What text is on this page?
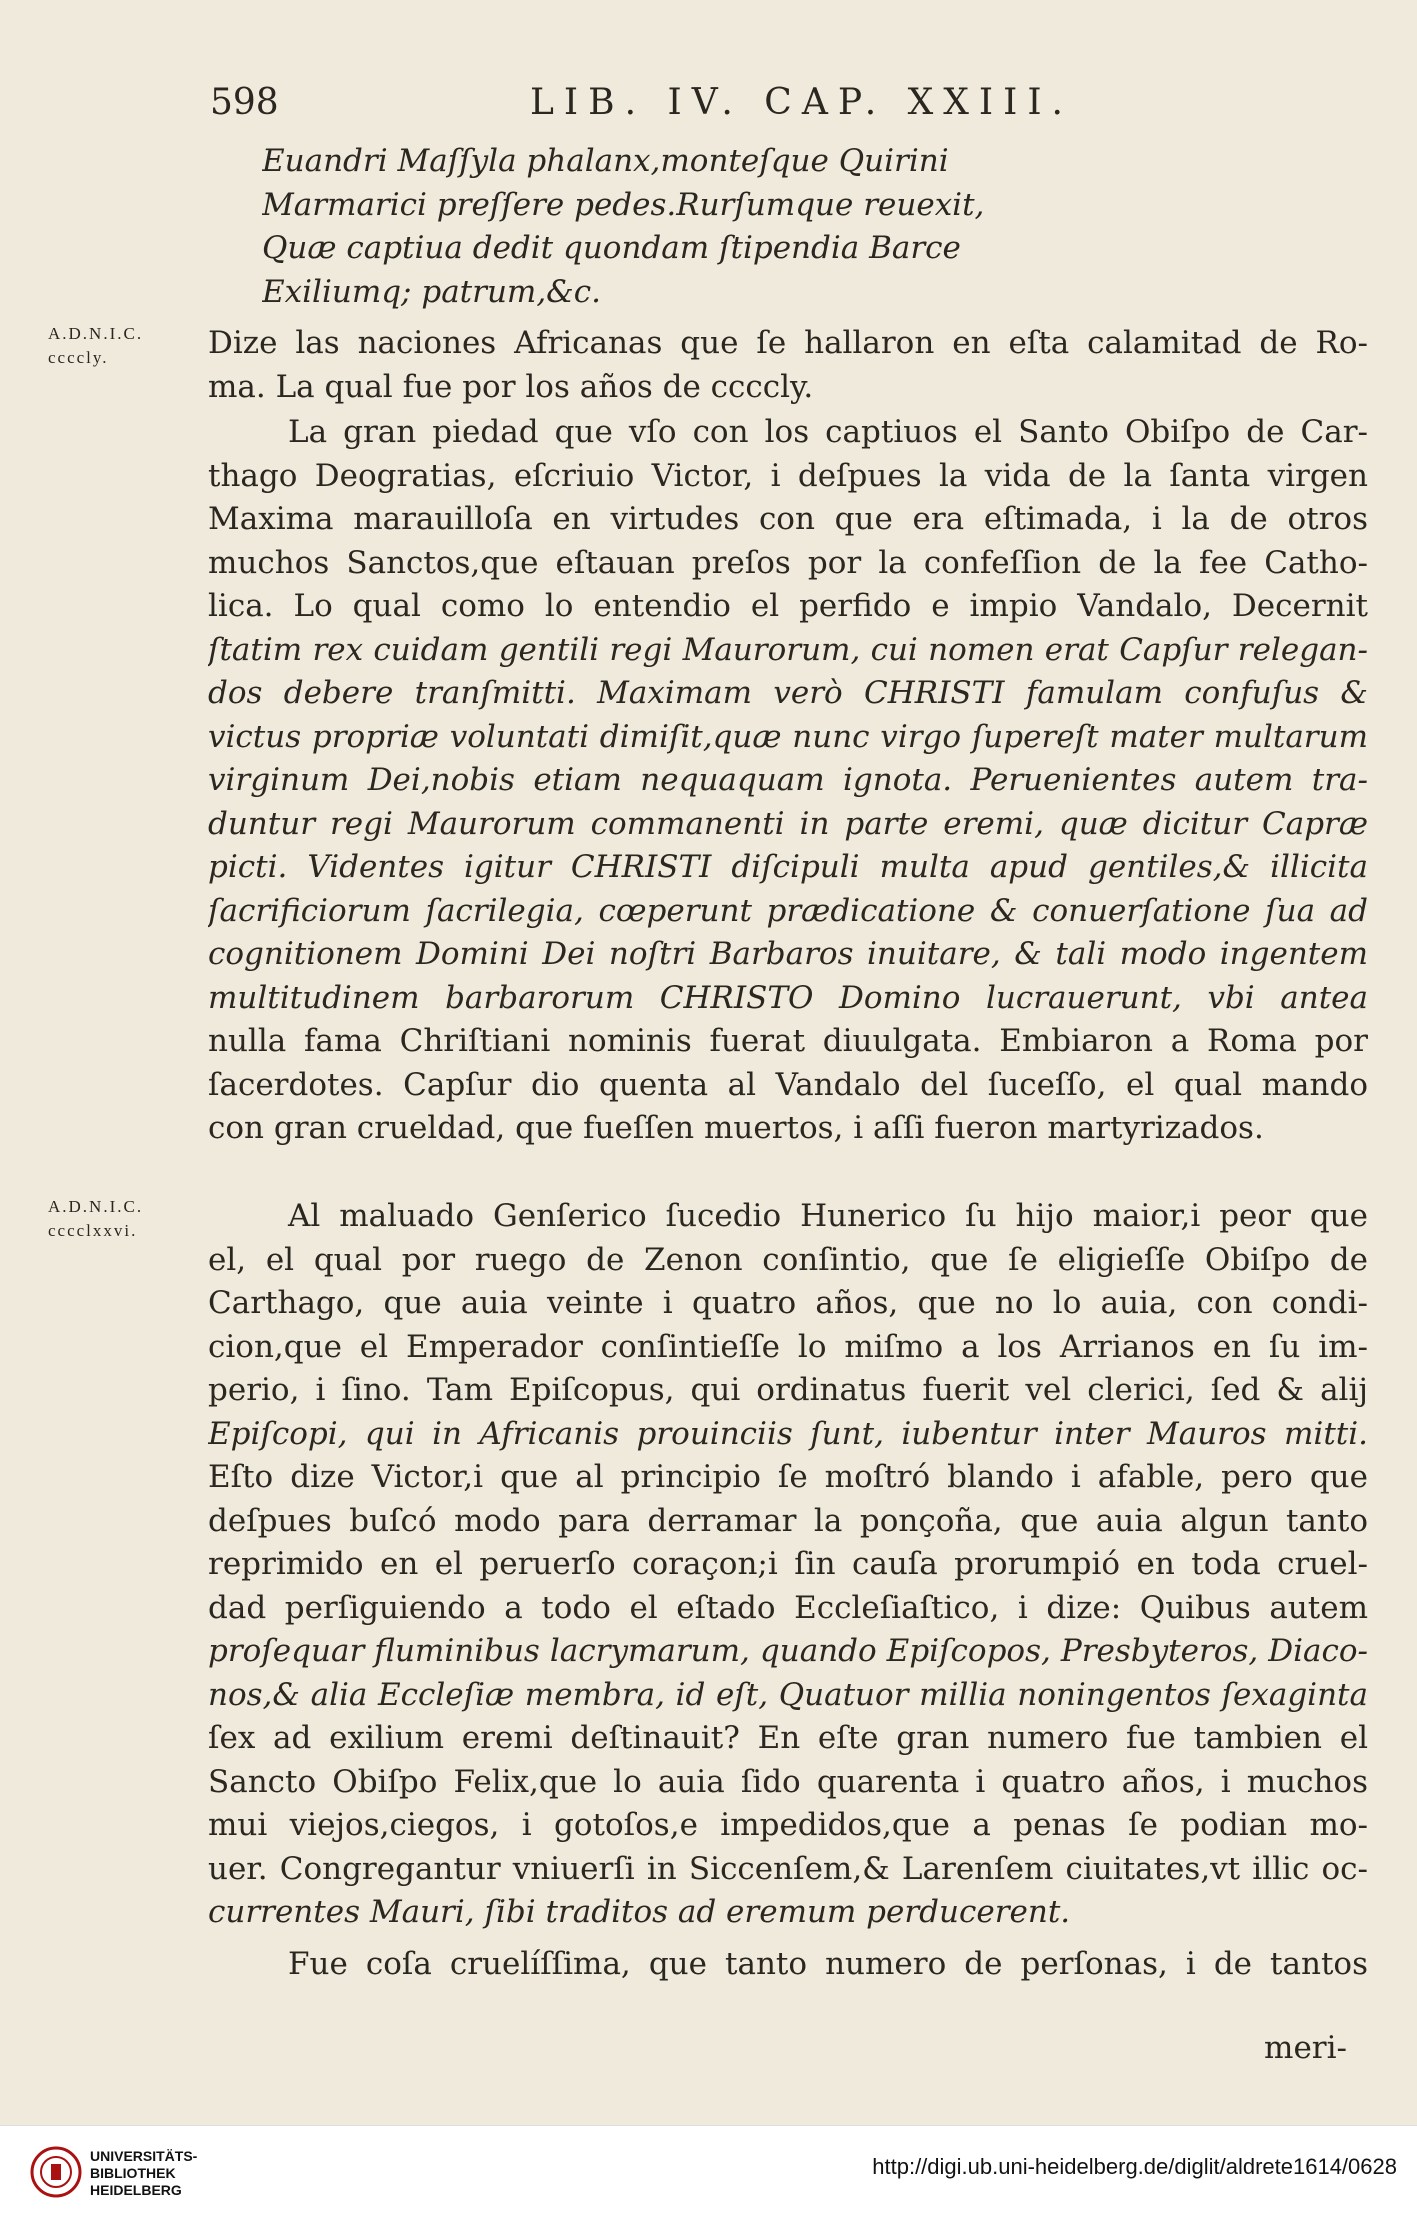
598	LIB. IV. CAP. XXIII.
Euandri Maſſyla phalanx,monteſque Quirini
Marmarici preſſere pedes.Rurſumque reuexit,
Quæ captiua dedit quondam ſtipendia Barce
Exiliumq; patrum,&c.
A.D.N.I.C.
ccccly.
A.D.N.I.C.
cccclxxvi.
Dize las naciones Africanas que ſe hallaron en eſta calamitad de Ro-
ma. La qual fue por los años de ccccly.
La gran piedad que vſo con los captiuos el Santo Obiſpo de Car-
thago Deogratias, eſcriuio Victor, i deſpues la vida de la ſanta virgen
Maxima marauilloſa en virtudes con que era eſtimada, i la de otros
muchos Sanctos,que eſtauan preſos por la confeſſion de la fee Catho-
lica. Lo qual como lo entendio el perfido e impio Vandalo, Decernit
ſtatim rex cuidam gentili regi Maurorum, cui nomen erat Capſur relegan-
dos debere tranſmitti. Maximam verò CHRISTI famulam confuſus &
victus propriæ voluntati dimiſit,quæ nunc virgo ſupereſt mater multarum
virginum Dei,nobis etiam nequaquam ignota. Peruenientes autem tra-
duntur regi Maurorum commanenti in parte eremi, quæ dicitur Capræ
picti. Videntes igitur CHRISTI diſcipuli multa apud gentiles,& illicita
ſacrificiorum ſacrilegia, cœperunt prædicatione & conuerſatione ſua ad
cognitionem Domini Dei noſtri Barbaros inuitare, & tali modo ingentem
multitudinem barbarorum CHRISTO Domino lucrauerunt, vbi antea
nulla fama Chriſtiani nominis fuerat diuulgata. Embiaron a Roma por
ſacerdotes. Capſur dio quenta al Vandalo del ſuceſſo, el qual mando
con gran crueldad, que fueſſen muertos, i aſſi fueron martyrizados.
Al maluado Genſerico ſucedio Hunerico ſu hijo maior,i peor que
el, el qual por ruego de Zenon conſintio, que ſe eligieſſe Obiſpo de
Carthago, que auia veinte i quatro años, que no lo auia, con condi-
cion,que el Emperador conſintieſſe lo miſmo a los Arrianos en ſu im-
perio, i ſino. Tam Epiſcopus, qui ordinatus fuerit vel clerici, ſed & alij
Epiſcopi, qui in Africanis prouinciis ſunt, iubentur inter Mauros mitti.
Eſto dize Victor,i que al principio ſe moſtró blando i afable, pero que
deſpues buſcó modo para derramar la ponçoña, que auia algun tanto
reprimido en el peruerſo coraçon;i ſin cauſa prorumpió en toda cruel-
dad perſiguiendo a todo el eſtado Eccleſiaſtico, i dize: Quibus autem
proſequar fluminibus lacrymarum, quando Epiſcopos, Presbyteros, Diaco-
nos,& alia Eccleſiæ membra, id eſt, Quatuor millia noningentos ſexaginta
ſex ad exilium eremi deſtinauit? En eſte gran numero fue tambien el
Sancto Obiſpo Felix,que lo auia ſido quarenta i quatro años, i muchos
mui viejos,ciegos, i gotoſos,e impedidos,que a penas ſe podian mo-
uer. Congregantur vniuerſi in Siccenſem,& Larenſem ciuitates,vt illic oc-
currentes Mauri, ſibi traditos ad eremum perducerent.
Fue coſa cruelíſſima, que tanto numero de perſonas, i de tantos
meri-
UNIVERSITÄTS-
BIBLIOTHEK
HEIDELBERG
http://digi.ub.uni-heidelberg.de/diglit/aldrete1614/0628
